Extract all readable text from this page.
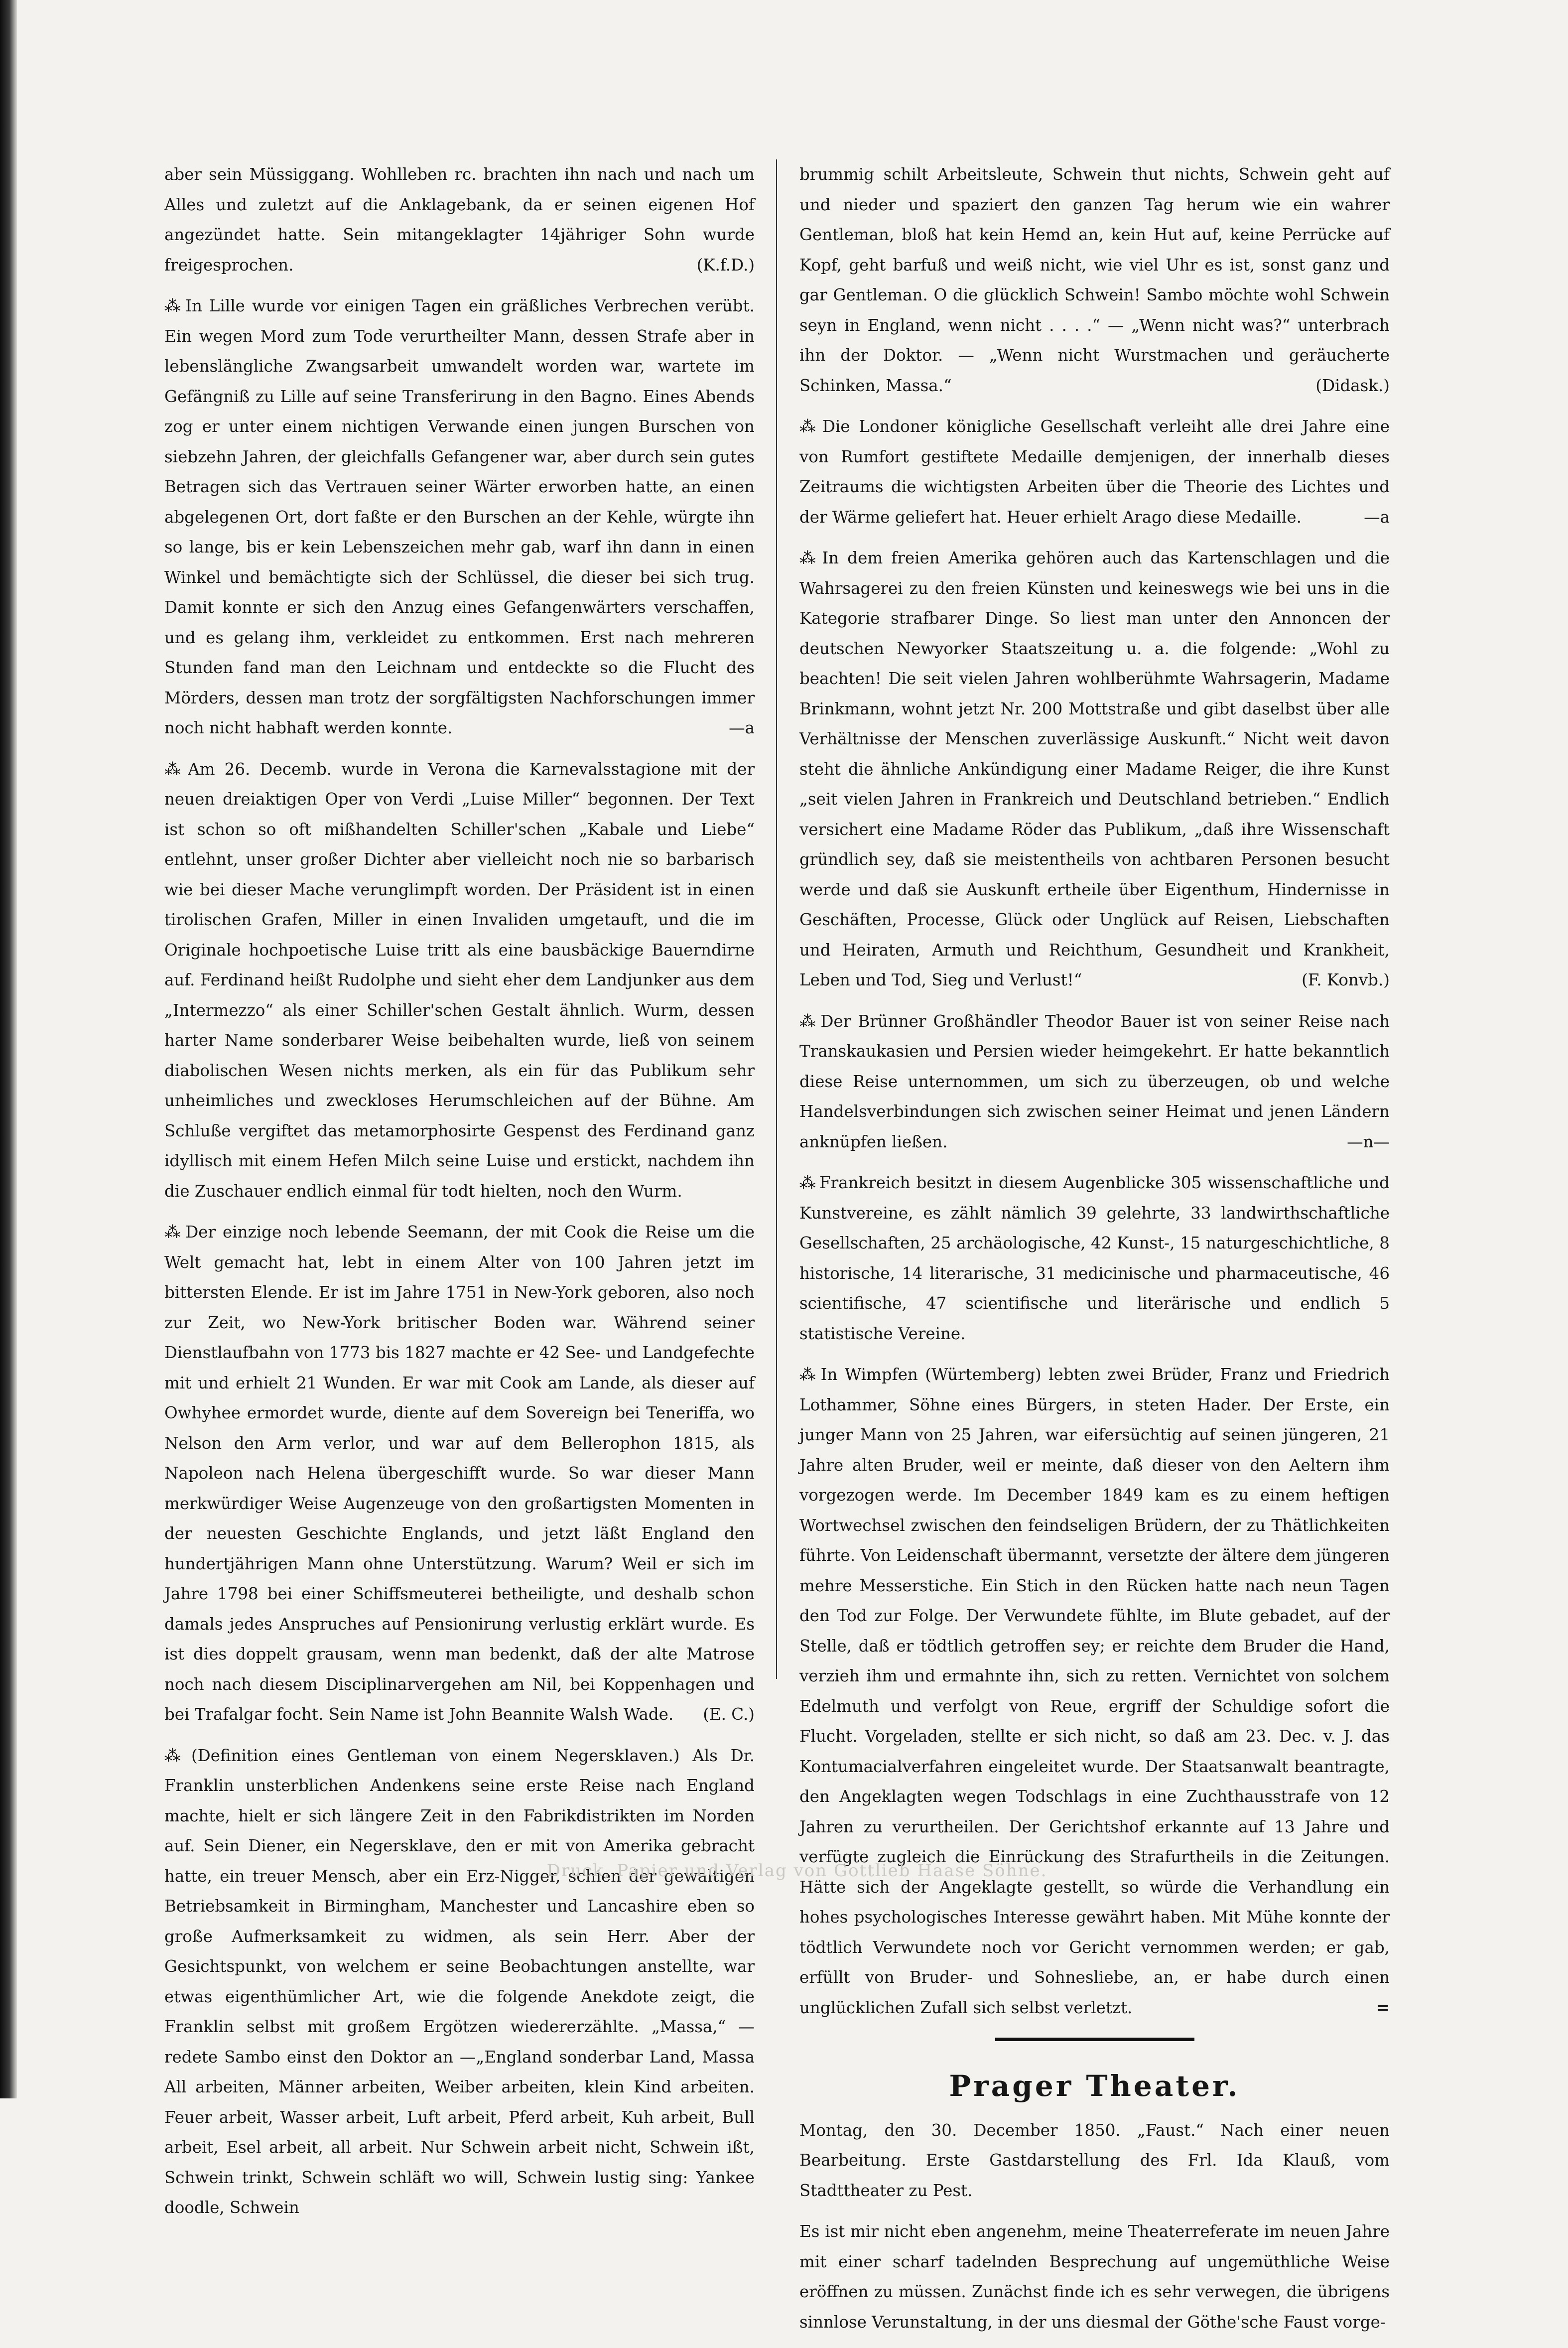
aber sein Müssiggang. Wohlleben rc. brachten ihn nach und nach um Alles und zuletzt auf die Anklagebank, da er seinen eigenen Hof angezündet hatte. Sein mitangeklagter 14jähriger Sohn wurde freigesprochen.	(K.f.D.)

⁂ In Lille wurde vor einigen Tagen ein gräßliches Verbrechen verübt. Ein wegen Mord zum Tode verurtheilter Mann, dessen Strafe aber in lebenslängliche Zwangsarbeit umwandelt worden war, wartete im Gefängniß zu Lille auf seine Transferirung in den Bagno. Eines Abends zog er unter einem nichtigen Verwande einen jungen Burschen von siebzehn Jahren, der gleichfalls Gefangener war, aber durch sein gutes Betragen sich das Vertrauen seiner Wärter erworben hatte, an einen abgelegenen Ort, dort faßte er den Burschen an der Kehle, würgte ihn so lange, bis er kein Lebenszeichen mehr gab, warf ihn dann in einen Winkel und bemächtigte sich der Schlüssel, die dieser bei sich trug. Damit konnte er sich den Anzug eines Gefangenwärters verschaffen, und es gelang ihm, verkleidet zu entkommen. Erst nach mehreren Stunden fand man den Leichnam und entdeckte so die Flucht des Mörders, dessen man trotz der sorgfältigsten Nachforschungen immer noch nicht habhaft werden konnte.	—a

⁂ Am 26. Decemb. wurde in Verona die Karnevalsstagione mit der neuen dreiaktigen Oper von Verdi „Luise Miller“ begonnen. Der Text ist schon so oft mißhandelten Schiller'schen „Kabale und Liebe“ entlehnt, unser großer Dichter aber vielleicht noch nie so barbarisch wie bei dieser Mache verunglimpft worden. Der Präsident ist in einen tirolischen Grafen, Miller in einen Invaliden umgetauft, und die im Originale hochpoetische Luise tritt als eine bausbäckige Bauerndirne auf. Ferdinand heißt Rudolphe und sieht eher dem Landjunker aus dem „Intermezzo“ als einer Schiller'schen Gestalt ähnlich. Wurm, dessen harter Name sonderbarer Weise beibehalten wurde, ließ von seinem diabolischen Wesen nichts merken, als ein für das Publikum sehr unheimliches und zweckloses Herumschleichen auf der Bühne. Am Schluße vergiftet das metamorphosirte Gespenst des Ferdinand ganz idyllisch mit einem Hefen Milch seine Luise und erstickt, nachdem ihn die Zuschauer endlich einmal für todt hielten, noch den Wurm.

⁂ Der einzige noch lebende Seemann, der mit Cook die Reise um die Welt gemacht hat, lebt in einem Alter von 100 Jahren jetzt im bittersten Elende. Er ist im Jahre 1751 in New-York geboren, also noch zur Zeit, wo New-York britischer Boden war. Während seiner Dienstlaufbahn von 1773 bis 1827 machte er 42 See- und Landgefechte mit und erhielt 21 Wunden. Er war mit Cook am Lande, als dieser auf Owhyhee ermordet wurde, diente auf dem Sovereign bei Teneriffa, wo Nelson den Arm verlor, und war auf dem Bellerophon 1815, als Napoleon nach Helena übergeschifft wurde. So war dieser Mann merkwürdiger Weise Augenzeuge von den großartigsten Momenten in der neuesten Geschichte Englands, und jetzt läßt England den hundertjährigen Mann ohne Unterstützung. Warum? Weil er sich im Jahre 1798 bei einer Schiffsmeuterei betheiligte, und deshalb schon damals jedes Anspruches auf Pensionirung verlustig erklärt wurde. Es ist dies doppelt grausam, wenn man bedenkt, daß der alte Matrose noch nach diesem Disciplinarvergehen am Nil, bei Koppenhagen und bei Trafalgar focht. Sein Name ist John Beannite Walsh Wade. (E. C.)

⁂ (Definition eines Gentleman von einem Negersklaven.) Als Dr. Franklin unsterblichen Andenkens seine erste Reise nach England machte, hielt er sich längere Zeit in den Fabrikdistrikten im Norden auf. Sein Diener, ein Negersklave, den er mit von Amerika gebracht hatte, ein treuer Mensch, aber ein Erz-Nigger, schien der gewaltigen Betriebsamkeit in Birmingham, Manchester und Lancashire eben so große Aufmerksamkeit zu widmen, als sein Herr. Aber der Gesichtspunkt, von welchem er seine Beobachtungen anstellte, war etwas eigenthümlicher Art, wie die folgende Anekdote zeigt, die Franklin selbst mit großem Ergötzen wiedererzählte. „Massa,“ — redete Sambo einst den Doktor an —„England sonderbar Land, Massa All arbeiten, Männer arbeiten, Weiber arbeiten, klein Kind arbeiten. Feuer arbeit, Wasser arbeit, Luft arbeit, Pferd arbeit, Kuh arbeit, Bull arbeit, Esel arbeit, all arbeit. Nur Schwein arbeit nicht, Schwein ißt, Schwein trinkt, Schwein schläft wo will, Schwein lustig sing: Yankee doodle, Schwein

brummig schilt Arbeitsleute, Schwein thut nichts, Schwein geht auf und nieder und spaziert den ganzen Tag herum wie ein wahrer Gentleman, bloß hat kein Hemd an, kein Hut auf, keine Perrücke auf Kopf, geht barfuß und weiß nicht, wie viel Uhr es ist, sonst ganz und gar Gentleman. O die glücklich Schwein! Sambo möchte wohl Schwein seyn in England, wenn nicht . . . .“ — „Wenn nicht was?“ unterbrach ihn der Doktor. — „Wenn nicht Wurstmachen und geräucherte Schinken, Massa.“	(Didask.)

⁂ Die Londoner königliche Gesellschaft verleiht alle drei Jahre eine von Rumfort gestiftete Medaille demjenigen, der innerhalb dieses Zeitraums die wichtigsten Arbeiten über die Theorie des Lichtes und der Wärme geliefert hat. Heuer erhielt Arago diese Medaille.	—a

⁂ In dem freien Amerika gehören auch das Kartenschlagen und die Wahrsagerei zu den freien Künsten und keineswegs wie bei uns in die Kategorie strafbarer Dinge. So liest man unter den Annoncen der deutschen Newyorker Staatszeitung u. a. die folgende: „Wohl zu beachten! Die seit vielen Jahren wohlberühmte Wahrsagerin, Madame Brinkmann, wohnt jetzt Nr. 200 Mottstraße und gibt daselbst über alle Verhältnisse der Menschen zuverlässige Auskunft.“ Nicht weit davon steht die ähnliche Ankündigung einer Madame Reiger, die ihre Kunst „seit vielen Jahren in Frankreich und Deutschland betrieben.“ Endlich versichert eine Madame Röder das Publikum, „daß ihre Wissenschaft gründlich sey, daß sie meistentheils von achtbaren Personen besucht werde und daß sie Auskunft ertheile über Eigenthum, Hindernisse in Geschäften, Processe, Glück oder Unglück auf Reisen, Liebschaften und Heiraten, Armuth und Reichthum, Gesundheit und Krankheit, Leben und Tod, Sieg und Verlust!“	(F. Konvb.)

⁂ Der Brünner Großhändler Theodor Bauer ist von seiner Reise nach Transkaukasien und Persien wieder heimgekehrt. Er hatte bekanntlich diese Reise unternommen, um sich zu überzeugen, ob und welche Handelsverbindungen sich zwischen seiner Heimat und jenen Ländern anknüpfen ließen.	—n—

⁂ Frankreich besitzt in diesem Augenblicke 305 wissenschaftliche und Kunstvereine, es zählt nämlich 39 gelehrte, 33 landwirthschaftliche Gesellschaften, 25 archäologische, 42 Kunst-, 15 naturgeschichtliche, 8 historische, 14 literarische, 31 medicinische und pharmaceutische, 46 scientifische, 47 scientifische und literärische und endlich 5 statistische Vereine.

⁂ In Wimpfen (Würtemberg) lebten zwei Brüder, Franz und Friedrich Lothammer, Söhne eines Bürgers, in steten Hader. Der Erste, ein junger Mann von 25 Jahren, war eifersüchtig auf seinen jüngeren, 21 Jahre alten Bruder, weil er meinte, daß dieser von den Aeltern ihm vorgezogen werde. Im December 1849 kam es zu einem heftigen Wortwechsel zwischen den feindseligen Brüdern, der zu Thätlichkeiten führte. Von Leidenschaft übermannt, versetzte der ältere dem jüngeren mehre Messerstiche. Ein Stich in den Rücken hatte nach neun Tagen den Tod zur Folge. Der Verwundete fühlte, im Blute gebadet, auf der Stelle, daß er tödtlich getroffen sey; er reichte dem Bruder die Hand, verzieh ihm und ermahnte ihn, sich zu retten. Vernichtet von solchem Edelmuth und verfolgt von Reue, ergriff der Schuldige sofort die Flucht. Vorgeladen, stellte er sich nicht, so daß am 23. Dec. v. J. das Kontumacialverfahren eingeleitet wurde. Der Staatsanwalt beantragte, den Angeklagten wegen Todschlags in eine Zuchthausstrafe von 12 Jahren zu verurtheilen. Der Gerichtshof erkannte auf 13 Jahre und verfügte zugleich die Einrückung des Strafurtheils in die Zeitungen. Hätte sich der Angeklagte gestellt, so würde die Verhandlung ein hohes psychologisches Interesse gewährt haben. Mit Mühe konnte der tödtlich Verwundete noch vor Gericht vernommen werden; er gab, erfüllt von Bruder- und Sohnesliebe, an, er habe durch einen unglücklichen Zufall sich selbst verletzt.	=

Prager Theater.

Montag, den 30. December 1850. „Faust.“ Nach einer neuen Bearbeitung. Erste Gastdarstellung des Frl. Ida Klauß, vom Stadttheater zu Pest.

Es ist mir nicht eben angenehm, meine Theaterreferate im neuen Jahre mit einer scharf tadelnden Besprechung auf ungemüthliche Weise eröffnen zu müssen. Zunächst finde ich es sehr verwegen, die übrigens sinnlose Verunstaltung, in der uns diesmal der Göthe'sche Faust vorge-

Druck, Papier und Verlag von Gottlieb Haase Söhne.
